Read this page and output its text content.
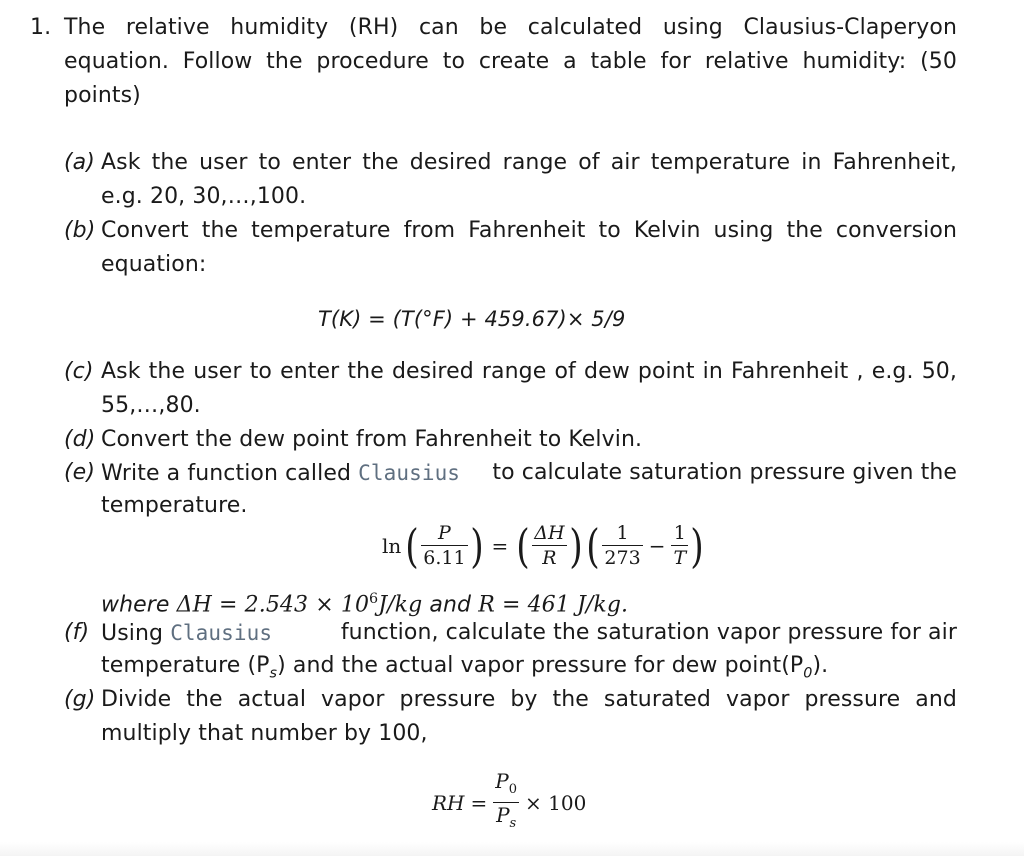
1. The relative humidity (RH) can be calculated using Clausius-Claperyon
equation. Follow the procedure to create a table for relative humidity: (50
points)
(a) Ask the user to enter the desired range of air temperature in Fahrenheit,
e.g. 20, 30,…,100.
(b) Convert the temperature from Fahrenheit to Kelvin using the conversion
equation:
T(K) = (T(°F) + 459.67)× 5/9
(c) Ask the user to enter the desired range of dew point in Fahrenheit , e.g. 50,
55,…,80.
(d) Convert the dew point from Fahrenheit to Kelvin.
(e) Write a function called Clausius to calculate saturation pressure given the
temperature.
$\ln( \frac{P}{6.11}$ ) = ( $\frac{\Delta H}{R}$ )( $\frac{1}{273} - \frac{1}{T}$ )
where $\Delta H = 2.543 \times 10^6J/kg$ and R = 461 J/kg.
(f) Using Clausius	function, calculate the saturation vapor pressure for air
temperature $(P_s)$ and the actual vapor pressure for dew $point(P_0)$.
(g) Divide the actual vapor pressure by the saturated vapor pressure and
multiply that number by 100,
RH = $\frac{P_0}{P_s} \times 100$
